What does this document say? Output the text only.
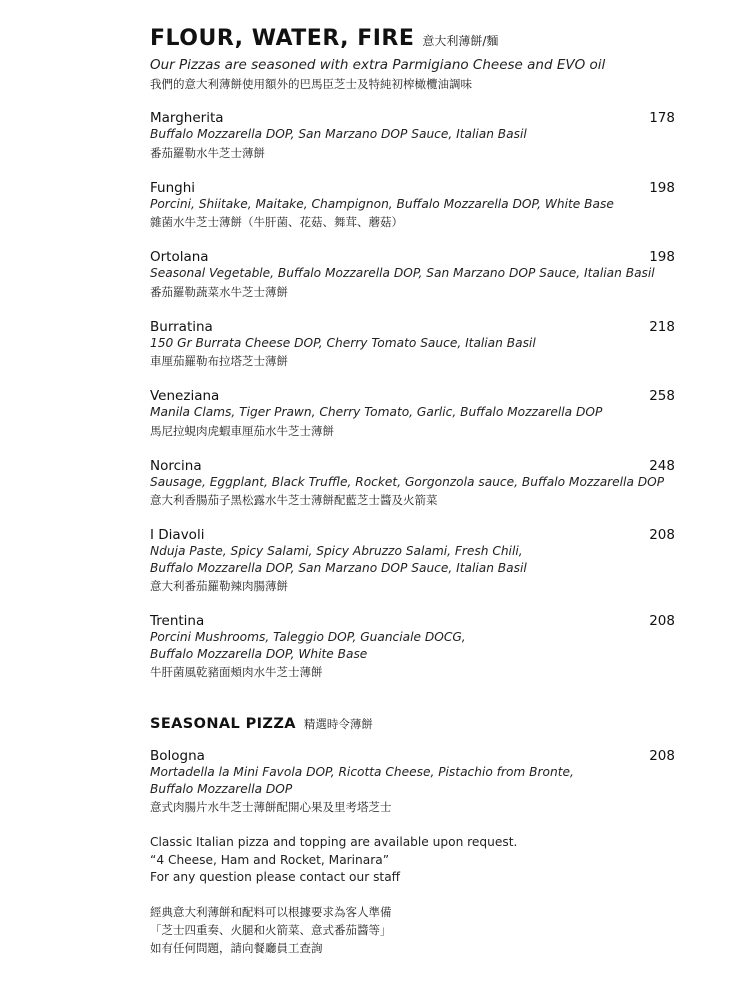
FLOUR, WATER, FIRE 意大利薄餅/麵
Our Pizzas are seasoned with extra Parmigiano Cheese and EVO oil
我們的意大利薄餅使用額外的巴馬臣芝士及特純初榨橄欖油調味
Margherita	178
Buffalo Mozzarella DOP, San Marzano DOP Sauce, Italian Basil
番茄羅勒水牛芝士薄餅
Funghi	198
Porcini, Shiitake, Maitake, Champignon, Buffalo Mozzarella DOP, White Base
雜菌水牛芝士薄餅（牛肝菌、花菇、舞茸、蘑菇）
Ortolana	198
Seasonal Vegetable, Buffalo Mozzarella DOP, San Marzano DOP Sauce, Italian Basil
番茄羅勒蔬菜水牛芝士薄餅
Burratina	218
150 Gr Burrata Cheese DOP, Cherry Tomato Sauce, Italian Basil
車厘茄羅勒布拉塔芝士薄餅
Veneziana	258
Manila Clams, Tiger Prawn, Cherry Tomato, Garlic, Buffalo Mozzarella DOP
馬尼拉蜆肉虎蝦車厘茄水牛芝士薄餅
Norcina	248
Sausage, Eggplant, Black Truffle, Rocket, Gorgonzola sauce, Buffalo Mozzarella DOP
意大利香腸茄子黑松露水牛芝士薄餅配藍芝士醬及火箭菜
I Diavoli	208
Nduja Paste, Spicy Salami, Spicy Abruzzo Salami, Fresh Chili,
Buffalo Mozzarella DOP, San Marzano DOP Sauce, Italian Basil
意大利番茄羅勒辣肉腸薄餅
Trentina	208
Porcini Mushrooms, Taleggio DOP, Guanciale DOCG,
Buffalo Mozzarella DOP, White Base
牛肝菌風乾豬面頰肉水牛芝士薄餅
SEASONAL PIZZA 精選時令薄餅
Bologna	208
Mortadella la Mini Favola DOP, Ricotta Cheese, Pistachio from Bronte,
Buffalo Mozzarella DOP
意式肉腸片水牛芝士薄餅配開心果及里考塔芝士
Classic Italian pizza and topping are available upon request.
“4 Cheese, Ham and Rocket, Marinara”
For any question please contact our staff
經典意大利薄餅和配料可以根據要求為客人準備
「芝士四重奏、火腿和火箭菜、意式番茄醬等」
如有任何問題，請向餐廳員工查詢
